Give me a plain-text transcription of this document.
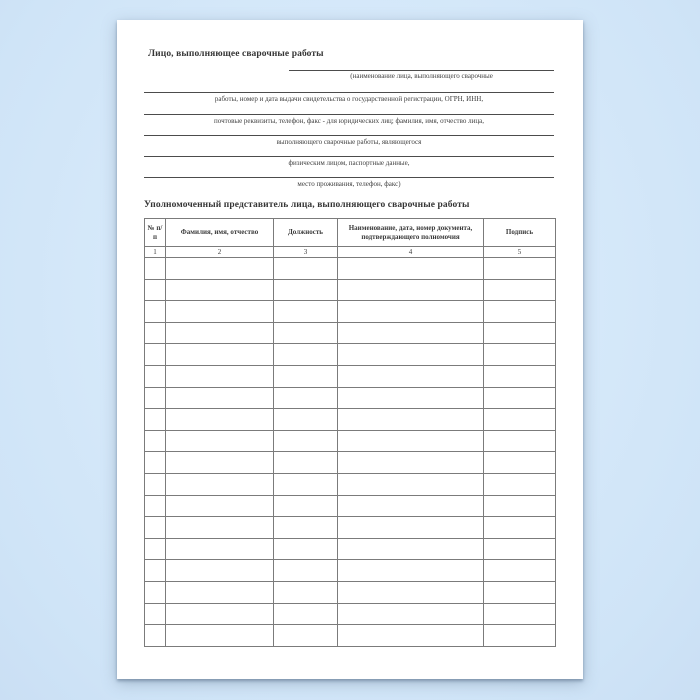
Лицо, выполняющее сварочные работы
(наименование лица, выполняющего сварочные
работы, номер и дата выдачи свидетельства о государственной регистрации, ОГРН, ИНН,
почтовые реквизиты, телефон, факс - для юридических лиц; фамилия, имя, отчество лица,
выполняющего сварочные работы, являющегося
физическим лицом, паспортные данные,
место проживания, телефон, факс)
Уполномоченный представитель лица, выполняющего сварочные работы
№ п/п	Фамилия, имя, отчество	Должность	Наименование, дата, номер документа, подтверждающего полномочия	Подпись
1	2	3	4	5
